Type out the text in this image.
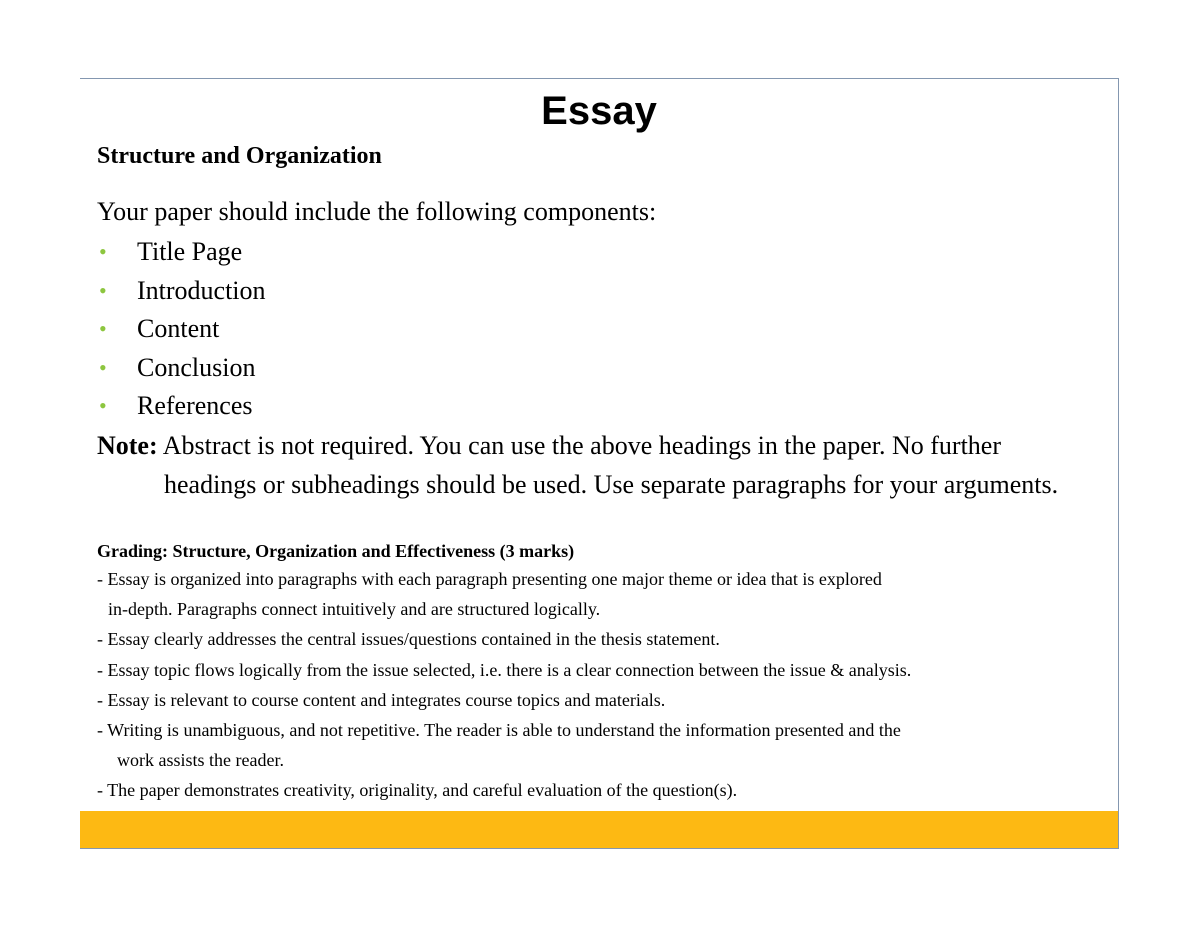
Essay
Structure and Organization
Your paper should include the following components:
• Title Page
• Introduction
• Content
• Conclusion
• References
Note: Abstract is not required. You can use the above headings in the paper. No further
headings or subheadings should be used. Use separate paragraphs for your arguments.
Grading: Structure, Organization and Effectiveness (3 marks)
- Essay is organized into paragraphs with each paragraph presenting one major theme or idea that is explored
in-depth. Paragraphs connect intuitively and are structured logically.
- Essay clearly addresses the central issues/questions contained in the thesis statement.
- Essay topic flows logically from the issue selected, i.e. there is a clear connection between the issue & analysis.
- Essay is relevant to course content and integrates course topics and materials.
- Writing is unambiguous, and not repetitive. The reader is able to understand the information presented and the
work assists the reader.
- The paper demonstrates creativity, originality, and careful evaluation of the question(s).
